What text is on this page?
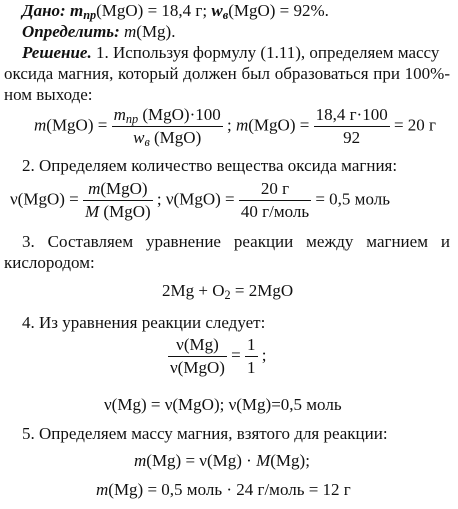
Дано: $m_{пр}(MgO) = 18,4$ г; $w_в(MgO) = 92\%$.
Определить: m(Mg).
Решение. 1. Используя формулу (1.11), определяем массу
оксида магния, который должен был образоваться при 100%-
ном выходе:
$m(MgO) = \frac{m_{пр} (MgO)\cdot 100}{w_в (MgO)}$ ; $m(MgO) = \frac{18,4 г\cdot 100}{92} = 20$ г
2. Определяем количество вещества оксида магния:
$\nu(MgO) = \frac{\text{m(MgO)}}{\text{M (MgO)}}$ ; $\nu(MgO) = \frac{20 г}{\text{40 г/моль}} = 0,5$ моль
3. Составляем уравнение реакции между магнием и
кислородом:
$2Mg + O_2 = 2MgO$
4. Из уравнения реакции следует:
$\frac{\nu(Mg)}{\text{ν(MgO)}} = \frac{1}{1}$ ;
ν(Mg) = ν(MgO); ν(Mg)=0,5 моль
5. Определяем массу магния, взятого для реакции:
m(Mg) = ν(Mg) · M(Mg);
m(Mg) = 0,5 моль · 24 г/моль = 12 г
